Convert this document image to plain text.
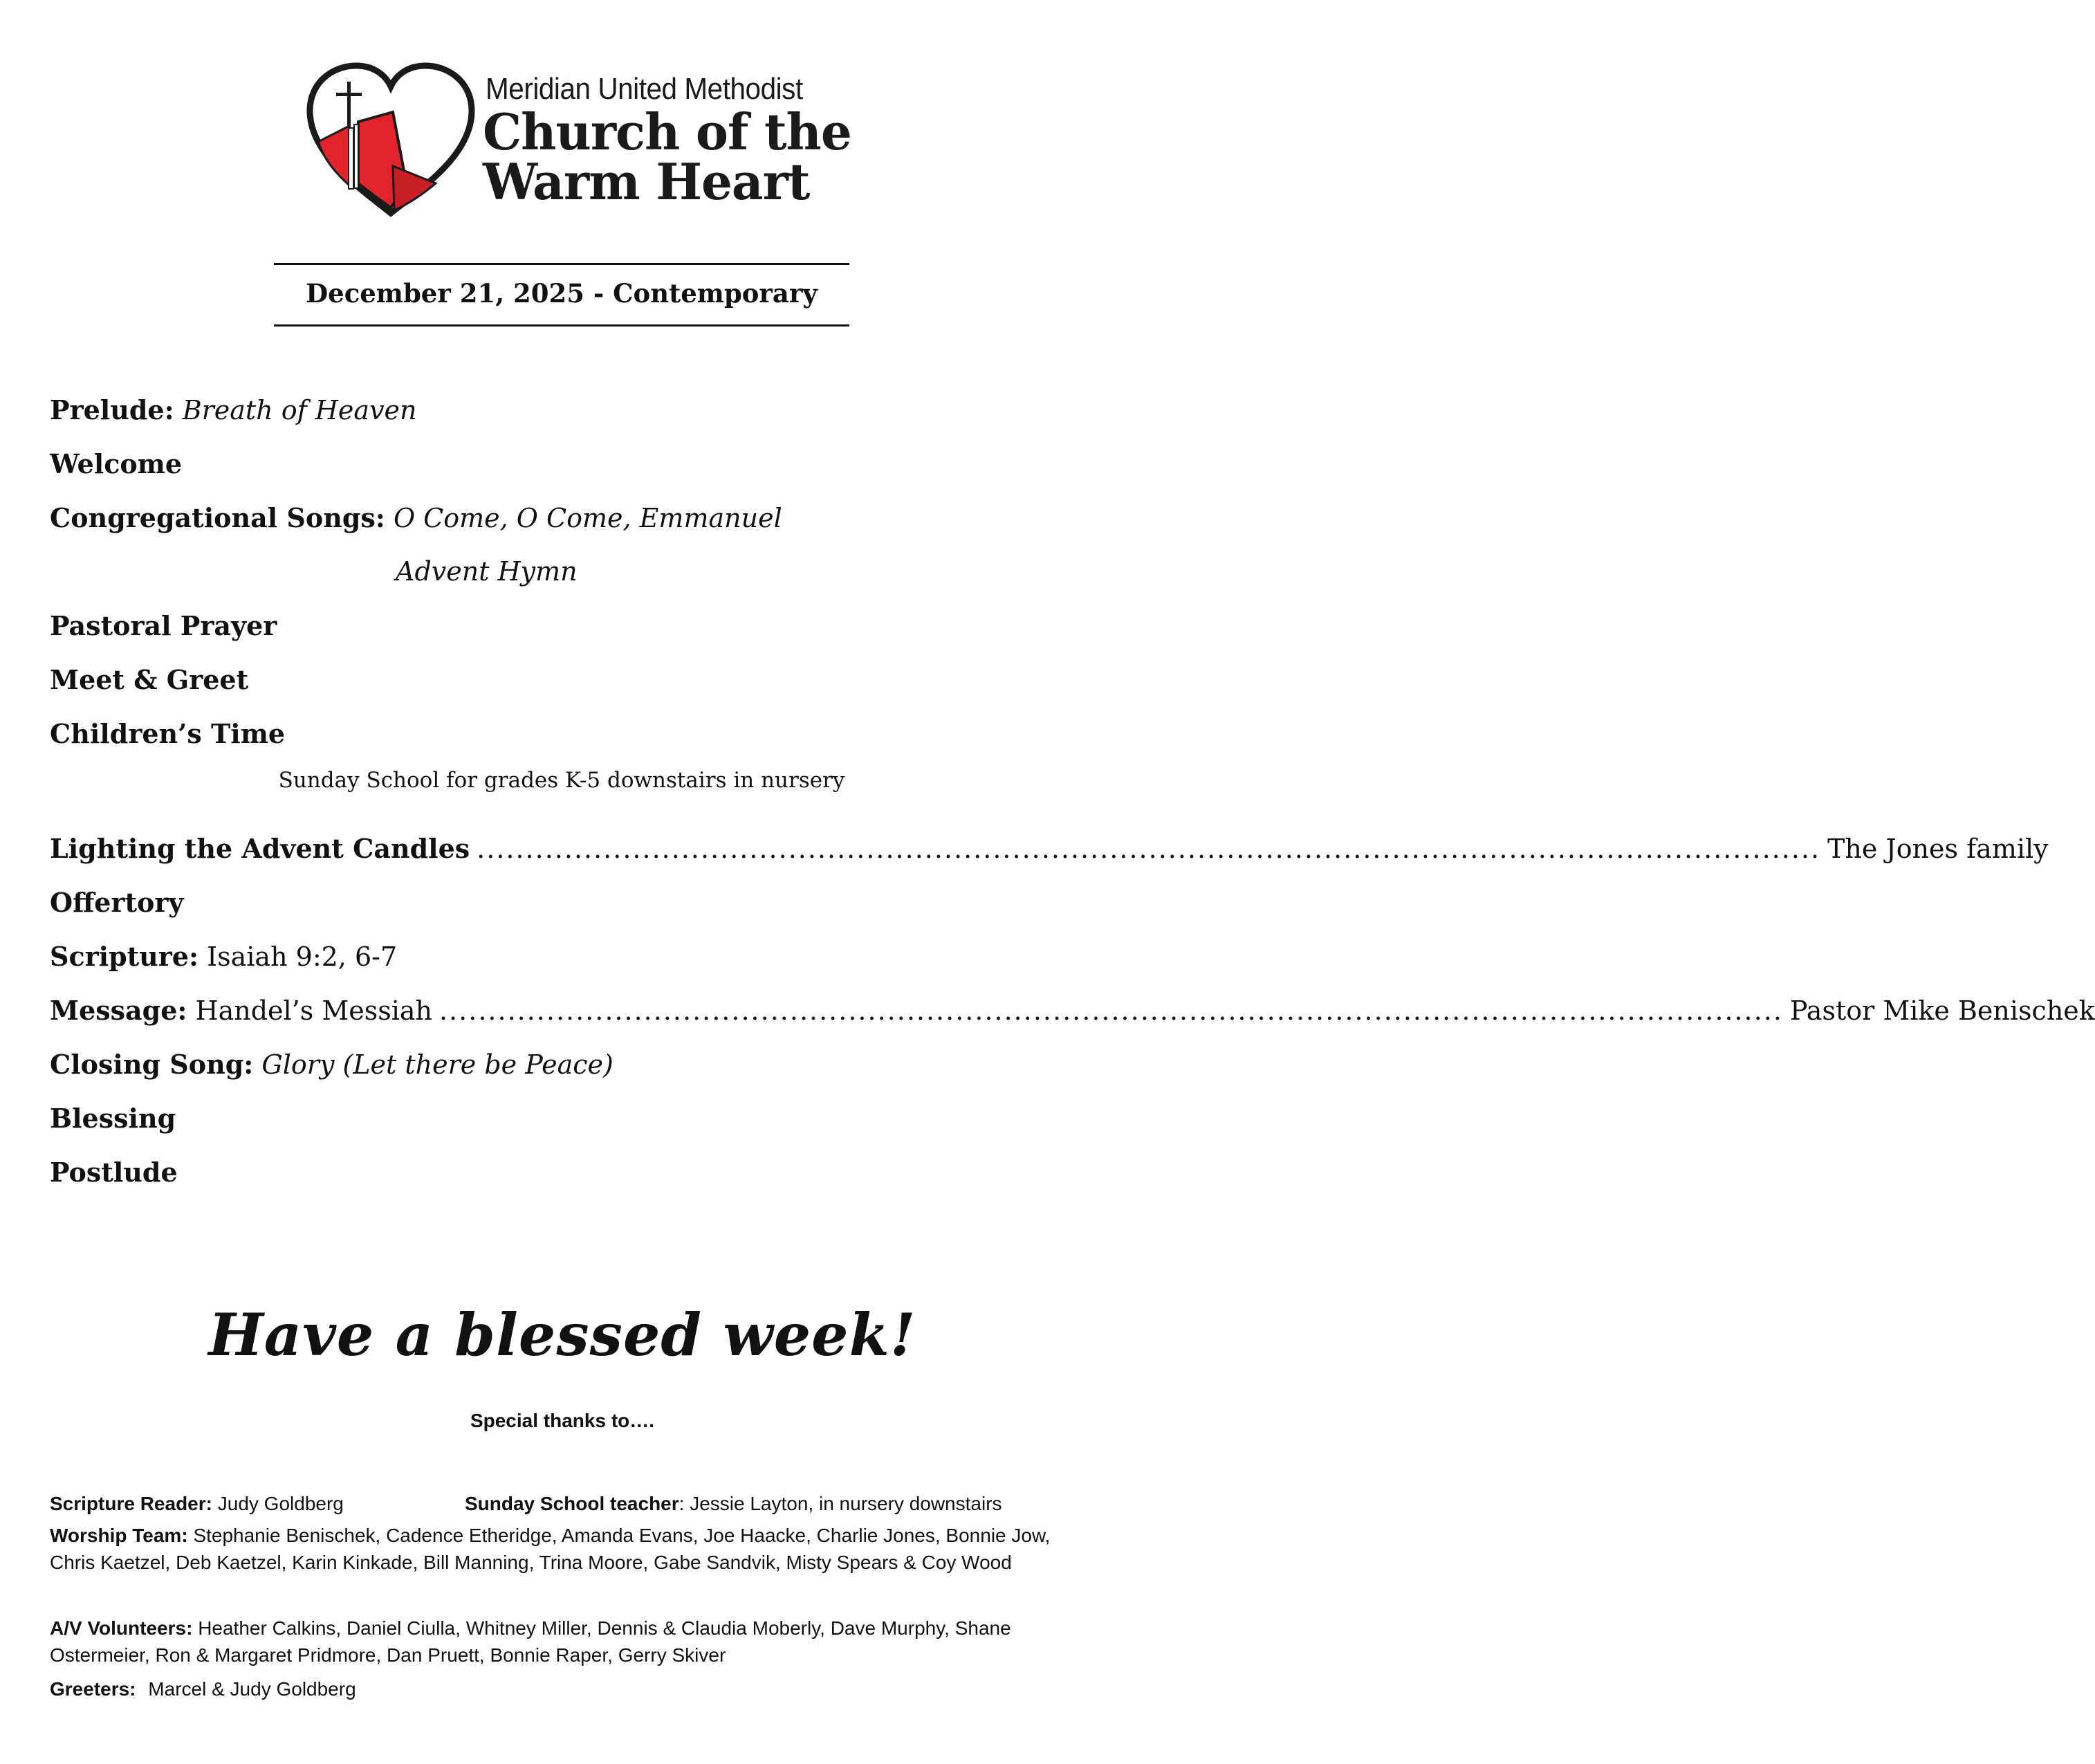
Meridian United Methodist
Church of the
Warm Heart
December 21, 2025 - Contemporary
Prelude: Breath of Heaven
Welcome
Congregational Songs: O Come, O Come, Emmanuel
Advent Hymn
Pastoral Prayer
Meet & Greet
Children’s Time
Sunday School for grades K-5 downstairs in nursery
Lighting the Advent Candles .......................................................................................................................................... The Jones family
Offertory
Scripture: Isaiah 9:2, 6-7
Message: Handel’s Messiah .......................................................................................................................................... Pastor Mike Benischek
Closing Song: Glory (Let there be Peace)
Blessing
Postlude
Have a blessed week!
Special thanks to….
Scripture Reader: Judy Goldberg	Sunday School teacher: Jessie Layton, in nursery downstairs
Worship Team: Stephanie Benischek, Cadence Etheridge, Amanda Evans, Joe Haacke, Charlie Jones, Bonnie Jow, Chris Kaetzel, Deb Kaetzel, Karin Kinkade, Bill Manning, Trina Moore, Gabe Sandvik, Misty Spears & Coy Wood
A/V Volunteers: Heather Calkins, Daniel Ciulla, Whitney Miller, Dennis & Claudia Moberly, Dave Murphy, Shane Ostermeier, Ron & Margaret Pridmore, Dan Pruett, Bonnie Raper, Gerry Skiver
Greeters: Marcel & Judy Goldberg
